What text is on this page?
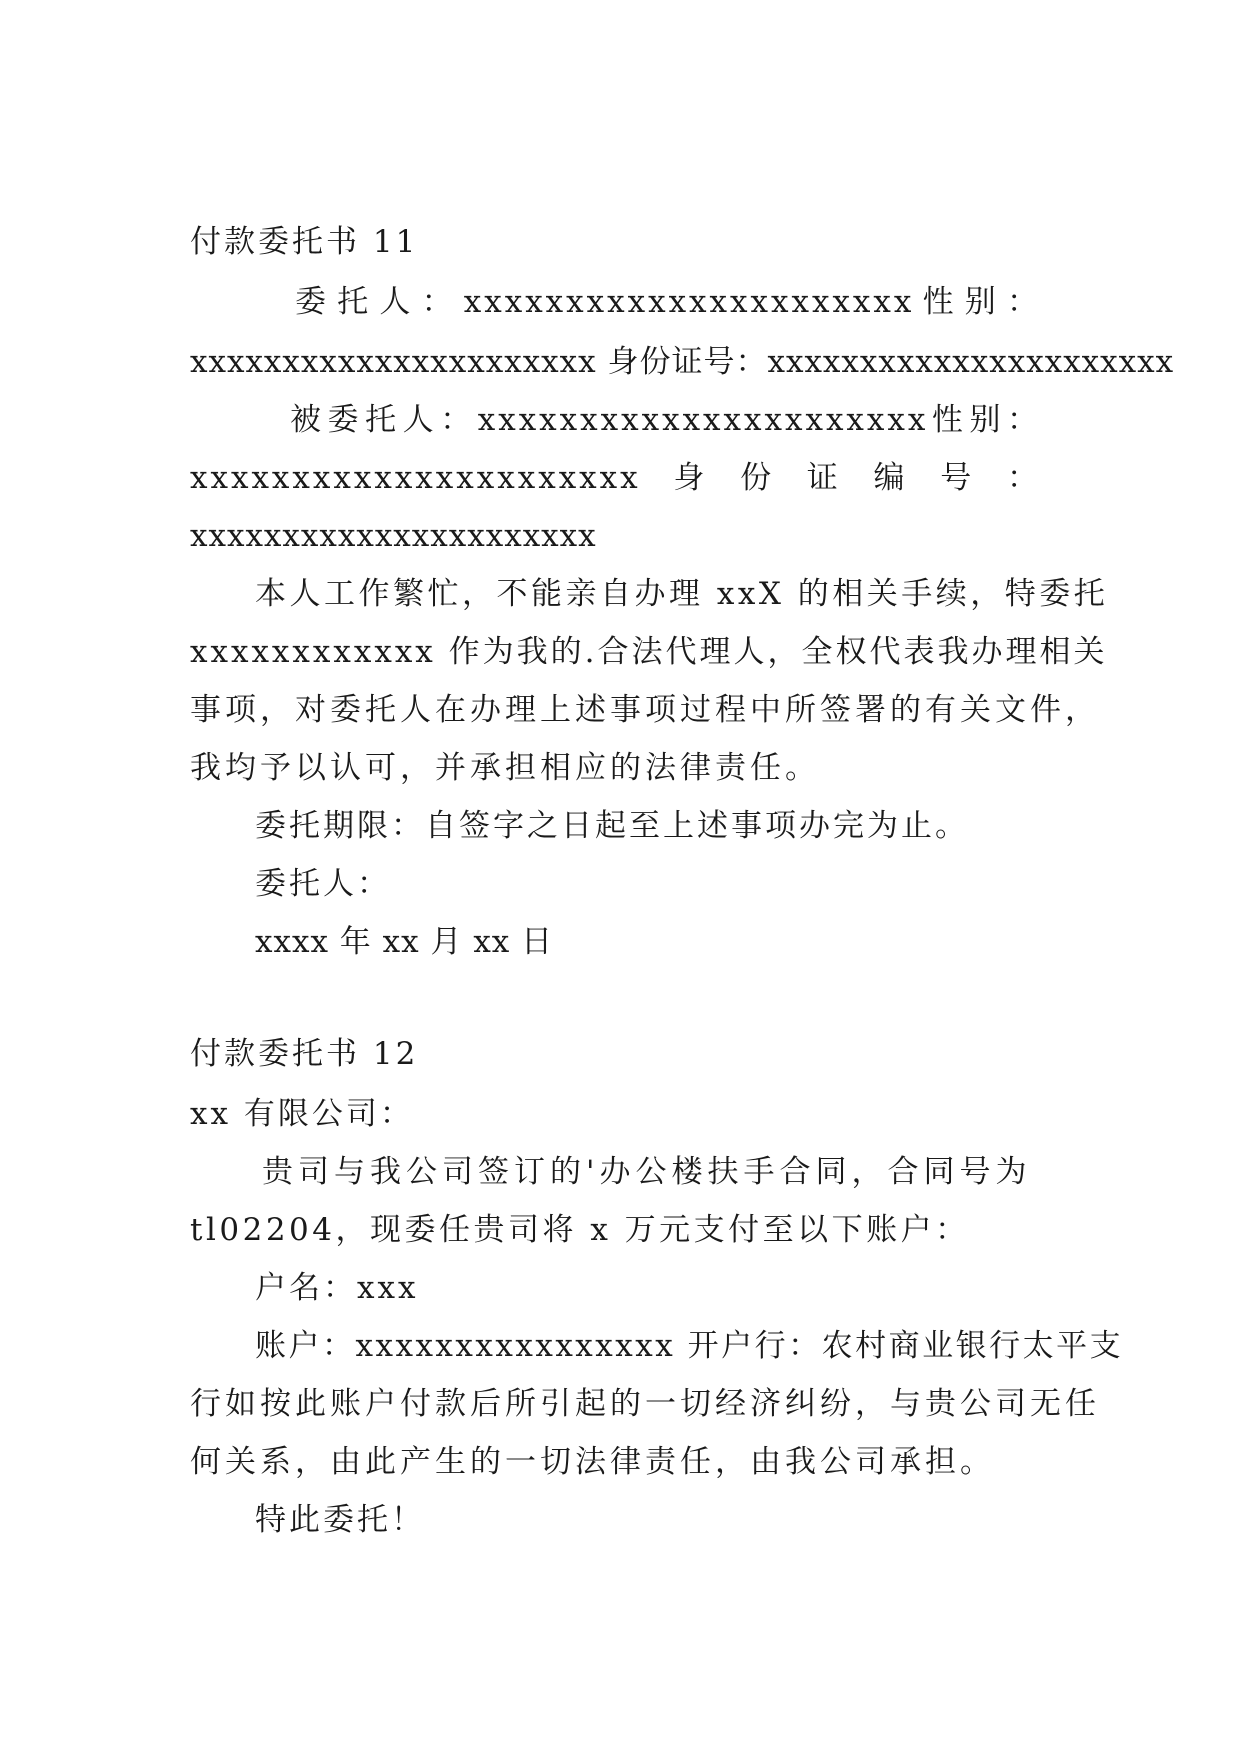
付款委托书 11
委 托 人 ： xxxxxxxxxxxxxxxxxxxxxx 性 别 ：
xxxxxxxxxxxxxxxxxxxxxx 身份证号：xxxxxxxxxxxxxxxxxxxxxx
被 委 托 人 ： xxxxxxxxxxxxxxxxxxxxxx 性 别 ：
xxxxxxxxxxxxxxxxxxxxxx 身 份 证 编 号 ：
xxxxxxxxxxxxxxxxxxxxxx
本人工作繁忙，不能亲自办理 xxX 的相关手续，特委托
xxxxxxxxxxxx 作为我的.合法代理人，全权代表我办理相关
事项，对委托人在办理上述事项过程中所签署的有关文件，
我均予以认可，并承担相应的法律责任。
委托期限：自签字之日起至上述事项办完为止。
委托人：
xxxx 年 xx 月 xx 日
付款委托书 12
xx 有限公司：
贵司与我公司签订的'办公楼扶手合同，合同号为
tl02204，现委任贵司将 x 万元支付至以下账户：
户名：xxx
账户：xxxxxxxxxxxxxxxx 开户行：农村商业银行太平支
行如按此账户付款后所引起的一切经济纠纷，与贵公司无任
何关系，由此产生的一切法律责任，由我公司承担。
特此委托！
